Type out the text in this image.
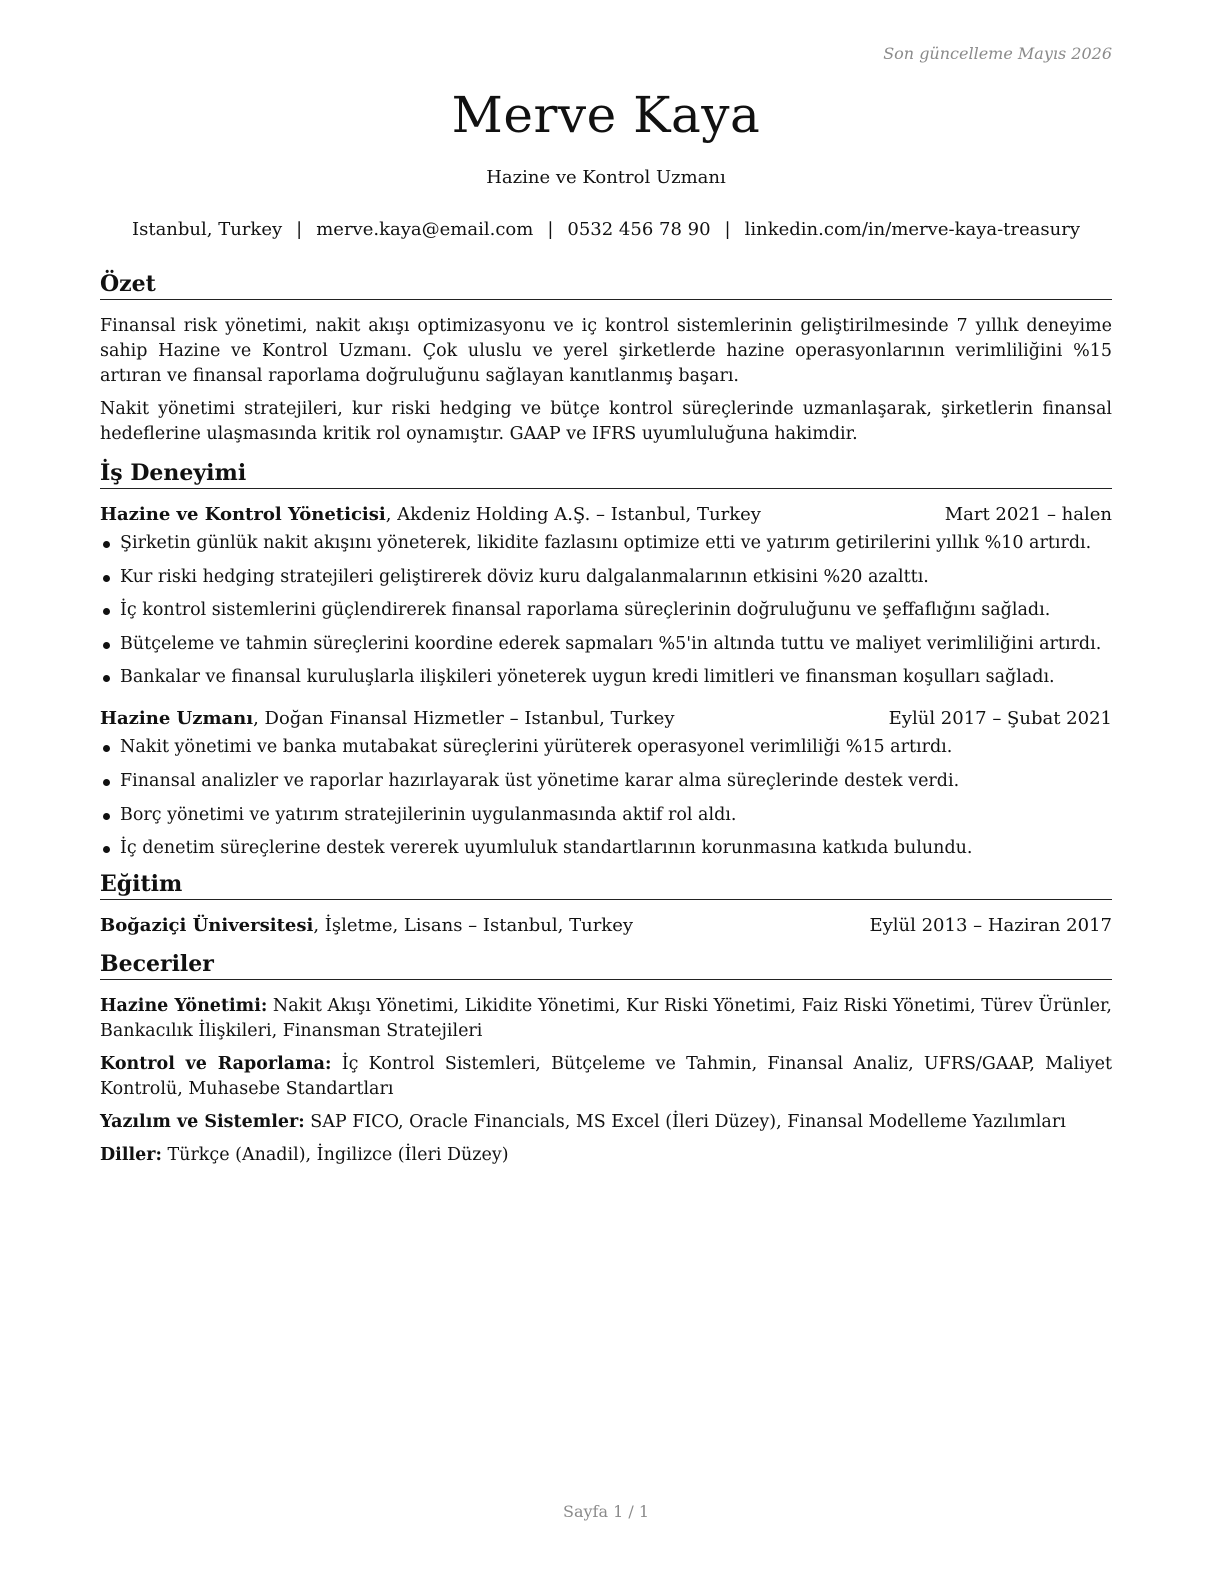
Son güncelleme Mayıs 2026
Merve Kaya
Hazine ve Kontrol Uzmanı
Istanbul, Turkey | merve.kaya@email.com | 0532 456 78 90 | linkedin.com/in/merve-kaya-treasury
Özet

Finansal risk yönetimi, nakit akışı optimizasyonu ve iç kontrol sistemlerinin geliştirilmesinde 7 yıllık deneyime sahip Hazine ve Kontrol Uzmanı. Çok uluslu ve yerel şirketlerde hazine operasyonlarının verimliliğini %15 artıran ve finansal raporlama doğruluğunu sağlayan kanıtlanmış başarı.

Nakit yönetimi stratejileri, kur riski hedging ve bütçe kontrol süreçlerinde uzmanlaşarak, şirketlerin finansal hedeflerine ulaşmasında kritik rol oynamıştır. GAAP ve IFRS uyumluluğuna hakimdir.

İş Deneyimi
Hazine ve Kontrol Yöneticisi, Akdeniz Holding A.Ş. – Istanbul, Turkey	Mart 2021 – halen
Şirketin günlük nakit akışını yöneterek, likidite fazlasını optimize etti ve yatırım getirilerini yıllık %10 artırdı.
Kur riski hedging stratejileri geliştirerek döviz kuru dalgalanmalarının etkisini %20 azalttı.
İç kontrol sistemlerini güçlendirerek finansal raporlama süreçlerinin doğruluğunu ve şeffaflığını sağladı.
Bütçeleme ve tahmin süreçlerini koordine ederek sapmaları %5'in altında tuttu ve maliyet verimliliğini artırdı.
Bankalar ve finansal kuruluşlarla ilişkileri yöneterek uygun kredi limitleri ve finansman koşulları sağladı.
Hazine Uzmanı, Doğan Finansal Hizmetler – Istanbul, Turkey	Eylül 2017 – Şubat 2021
Nakit yönetimi ve banka mutabakat süreçlerini yürüterek operasyonel verimliliği %15 artırdı.
Finansal analizler ve raporlar hazırlayarak üst yönetime karar alma süreçlerinde destek verdi.
Borç yönetimi ve yatırım stratejilerinin uygulanmasında aktif rol aldı.
İç denetim süreçlerine destek vererek uyumluluk standartlarının korunmasına katkıda bulundu.
Eğitim
Boğaziçi Üniversitesi, İşletme, Lisans – Istanbul, Turkey	Eylül 2013 – Haziran 2017
Beceriler

Hazine Yönetimi: Nakit Akışı Yönetimi, Likidite Yönetimi, Kur Riski Yönetimi, Faiz Riski Yönetimi, Türev Ürünler, Bankacılık İlişkileri, Finansman Stratejileri

Kontrol ve Raporlama: İç Kontrol Sistemleri, Bütçeleme ve Tahmin, Finansal Analiz, UFRS/GAAP, Maliyet Kontrolü, Muhasebe Standartları

Yazılım ve Sistemler: SAP FICO, Oracle Financials, MS Excel (İleri Düzey), Finansal Modelleme Yazılımları

Diller: Türkçe (Anadil), İngilizce (İleri Düzey)

Sayfa 1 / 1
